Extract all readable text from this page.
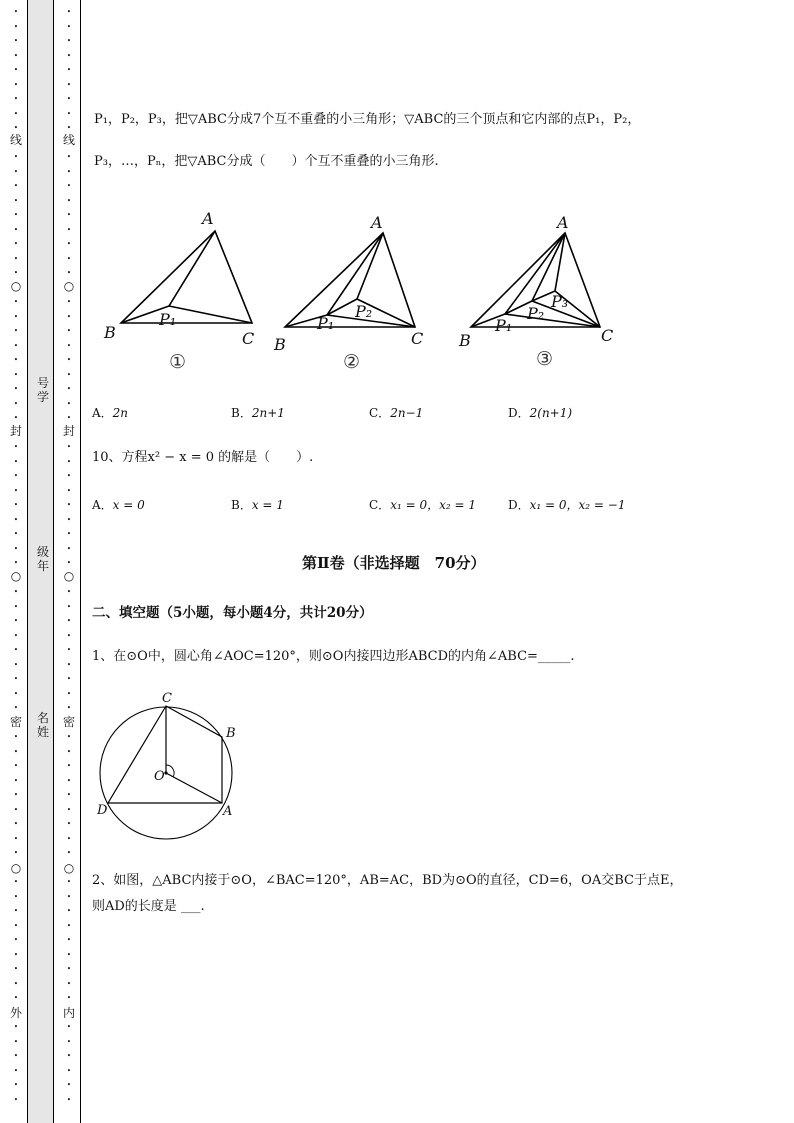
•
•
•
•
•
•
•
•
•
线
•
•
•
•
•
•
•
•
•
○
•
•
•
•
•
•
•
•
•
封
•
•
•
•
•
•
•
•
•
○
•
•
•
•
•
•
•
•
•
密
•
•
•
•
•
•
•
•
•
○
•
•
•
•
•
•
•
•
•
外
•
•
•
•
•
•
•
•
•
•
•
•
•
•
•
线
•
•
•
•
•
•
•
•
•
○
•
•
•
•
•
•
•
•
•
封
•
•
•
•
•
•
•
•
•
○
•
•
•
•
•
•
•
•
•
密
•
•
•
•
•
•
•
•
•
○
•
•
•
•
•
•
•
•
•
内
•
•
•
•
•
•
号
学
级
年
名
姓
P₁，P₂，P₃，把▽ABC分成7个互不重叠的小三角形；▽ABC的三个顶点和它内部的点P₁，P₂，
P₃，…，Pₙ，把▽ABC分成（　　）个互不重叠的小三角形.
A
B	C
P₁
A
B	C
P₁
P₂
A
B	C
P₁
P₂
P₃
①	②	③
A．2n	B．2n+1	C．2n−1	D．2(n+1)
10、方程x² − x = 0 的解是（　　）.
A．x = 0	B．x = 1	C．x₁ = 0，x₂ = 1	D．x₁ = 0，x₂ = −1
第Ⅱ卷（非选择题　70分）
二、填空题（5小题，每小题4分，共计20分）
1、在⊙O中，圆心角∠AOC=120°，则⊙O内接四边形ABCD的内角∠ABC=_____.
C
B
A
D
O
2、如图，△ABC内接于⊙O，∠BAC=120°，AB=AC，BD为⊙O的直径，CD=6，OA交BC于点E，
则AD的长度是 ___.
